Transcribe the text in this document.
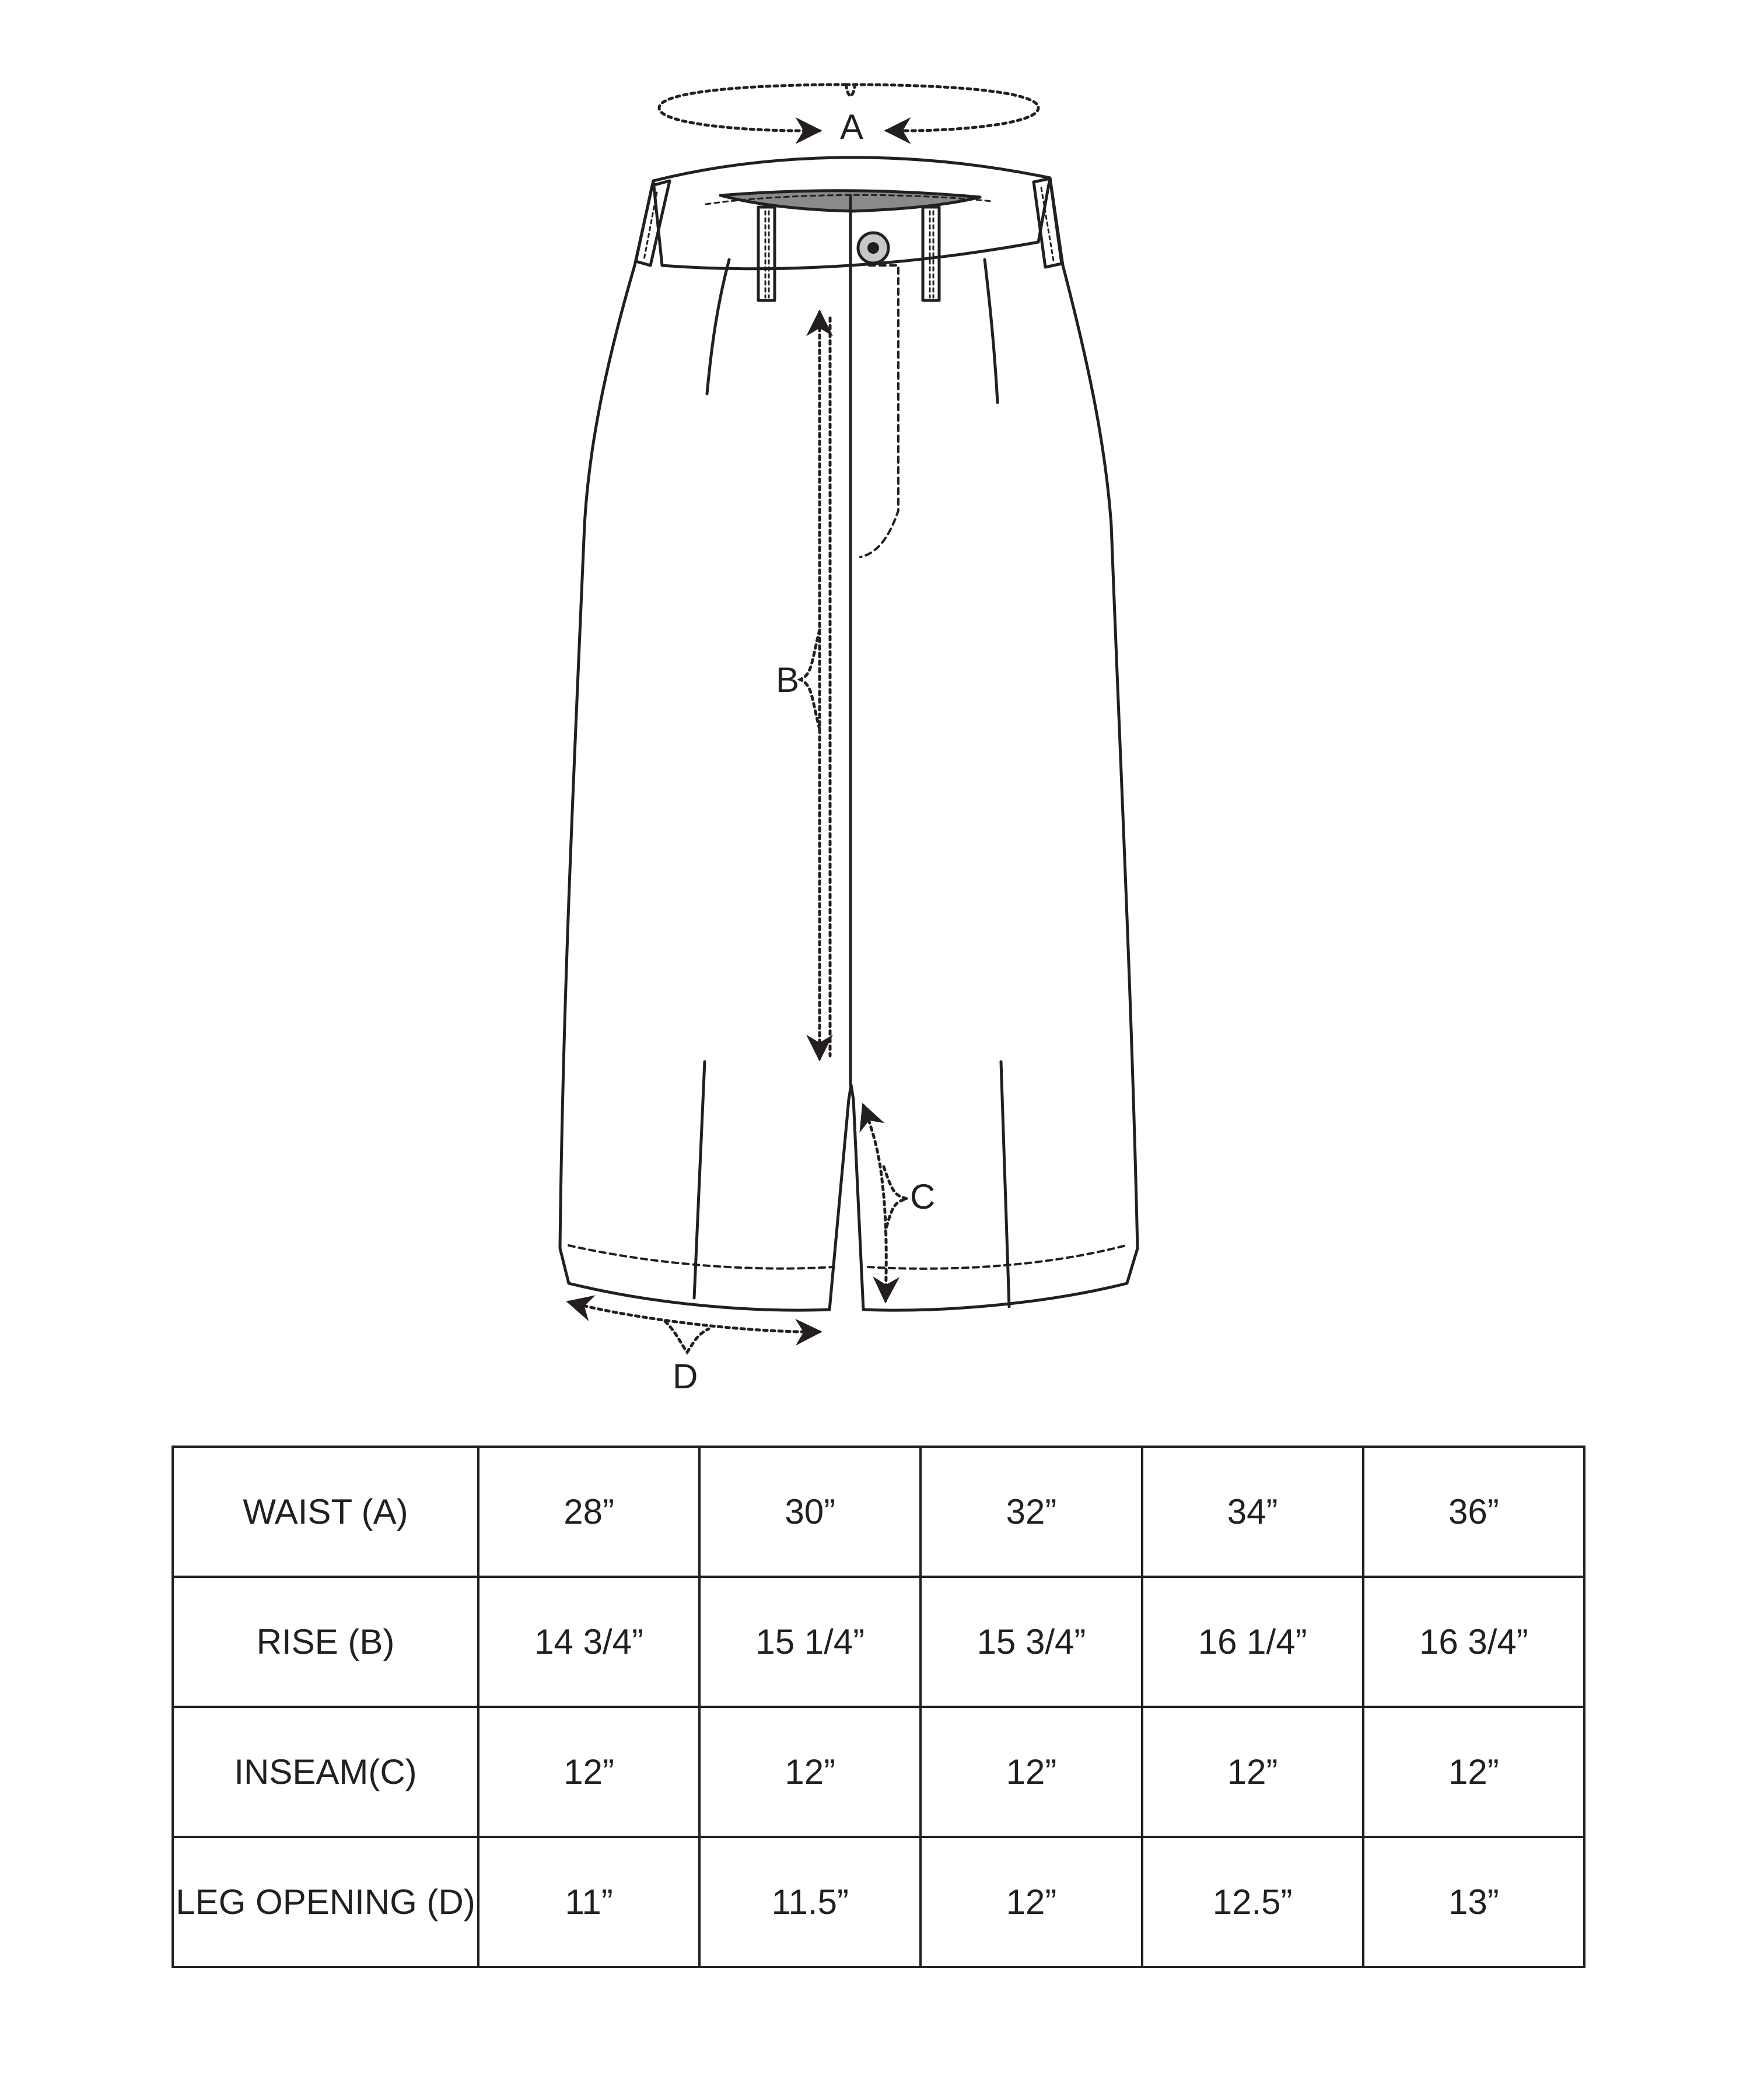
A
B
C
D
WAIST (A)	28”	30”	32”	34”	36”
RISE (B)	14 3/4”	15 1/4”	15 3/4”	16 1/4”	16 3/4”
INSEAM(C)	12”	12”	12”	12”	12”
LEG OPENING (D)	11”	11.5”	12”	12.5”	13”
